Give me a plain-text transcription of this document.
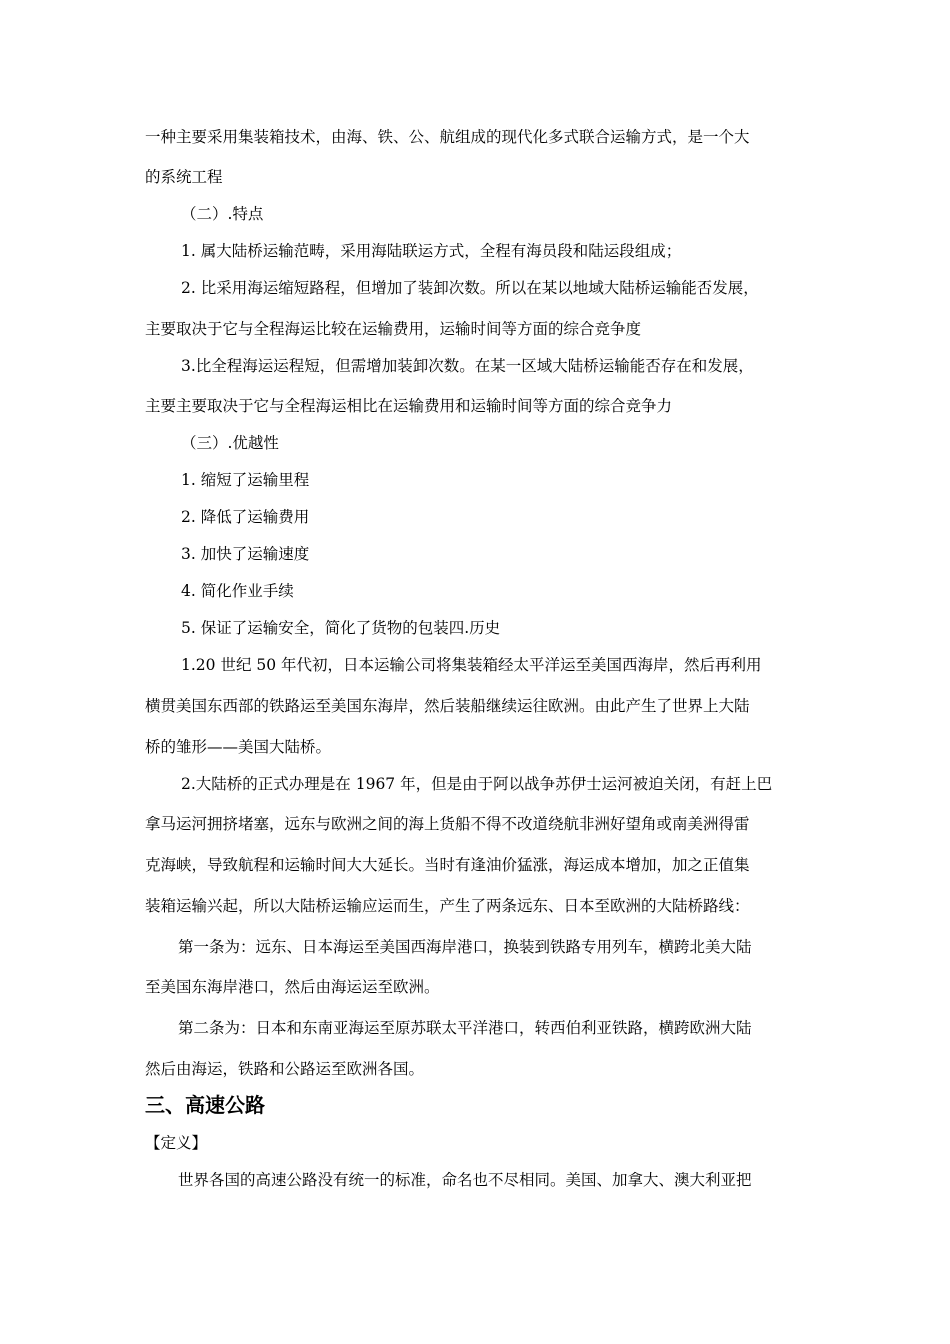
一种主要采用集装箱技术，由海、铁、公、航组成的现代化多式联合运输方式，是一个大
的系统工程
（二）.特点
1. 属大陆桥运输范畴，采用海陆联运方式，全程有海员段和陆运段组成；
2. 比采用海运缩短路程，但增加了装卸次数。所以在某以地域大陆桥运输能否发展，
主要取决于它与全程海运比较在运输费用，运输时间等方面的综合竞争度
3.比全程海运运程短，但需增加装卸次数。在某一区域大陆桥运输能否存在和发展，
主要主要取决于它与全程海运相比在运输费用和运输时间等方面的综合竞争力
（三）.优越性
1. 缩短了运输里程
2. 降低了运输费用
3. 加快了运输速度
4. 简化作业手续
5. 保证了运输安全，简化了货物的包装四.历史
1.20 世纪 50 年代初，日本运输公司将集装箱经太平洋运至美国西海岸，然后再利用
横贯美国东西部的铁路运至美国东海岸，然后装船继续运往欧洲。由此产生了世界上大陆
桥的雏形——美国大陆桥。
2.大陆桥的正式办理是在 1967 年，但是由于阿以战争苏伊士运河被迫关闭，有赶上巴
拿马运河拥挤堵塞，远东与欧洲之间的海上货船不得不改道绕航非洲好望角或南美洲得雷
克海峡，导致航程和运输时间大大延长。当时有逢油价猛涨，海运成本增加，加之正值集
装箱运输兴起，所以大陆桥运输应运而生，产生了两条远东、日本至欧洲的大陆桥路线：
第一条为：远东、日本海运至美国西海岸港口，换装到铁路专用列车，横跨北美大陆
至美国东海岸港口，然后由海运运至欧洲。
第二条为：日本和东南亚海运至原苏联太平洋港口，转西伯利亚铁路，横跨欧洲大陆
然后由海运，铁路和公路运至欧洲各国。
三、高速公路
【定义】
世界各国的高速公路没有统一的标准，命名也不尽相同。美国、加拿大、澳大利亚把
